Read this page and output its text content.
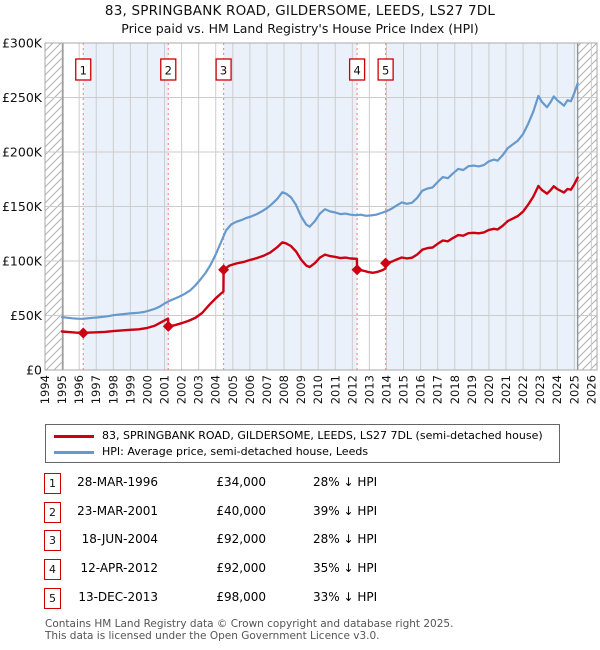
83, SPRINGBANK ROAD, GILDERSOME, LEEDS, LS27 7DL
Price paid vs. HM Land Registry's House Price Index (HPI)
1	2	3	4 5
£0
£50K
£100K
£150K
£200K
£250K
£300K
1994 1995 1996 1997 1998 1999 2000 2001 2002 2003 2004 2005 2006 2007 2008 2009 2010 2011 2012 2013 2014 2015 2016 2017 2018 2019 2020 2021 2022 2023 2024 2025 2026
83, SPRINGBANK ROAD, GILDERSOME, LEEDS, LS27 7DL (semi-detached house)
HPI: Average price, semi-detached house, Leeds
1	28-MAR-1996	£34,000	28% ↓ HPI
2	23-MAR-2001	£40,000	39% ↓ HPI
3	18-JUN-2004	£92,000	28% ↓ HPI
4	12-APR-2012	£92,000	35% ↓ HPI
5	13-DEC-2013	£98,000	33% ↓ HPI
Contains HM Land Registry data © Crown copyright and database right 2025.
This data is licensed under the Open Government Licence v3.0.
